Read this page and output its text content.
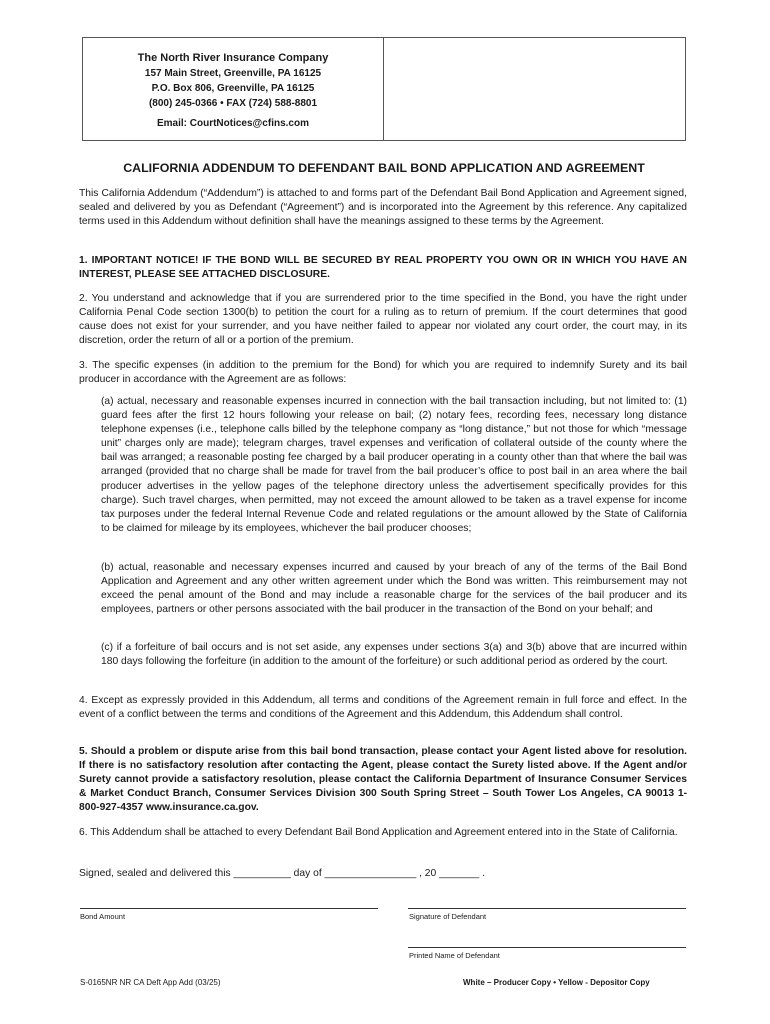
The North River Insurance Company
157 Main Street, Greenville, PA 16125
P.O. Box 806, Greenville, PA 16125
(800) 245-0366 • FAX (724) 588-8801
Email: CourtNotices@cfins.com
CALIFORNIA ADDENDUM TO DEFENDANT BAIL BOND APPLICATION AND AGREEMENT

This California Addendum (“Addendum”) is attached to and forms part of the Defendant Bail Bond Application and Agreement signed, sealed and delivered by you as Defendant (“Agreement”) and is incorporated into the Agreement by this reference. Any capitalized terms used in this Addendum without definition shall have the meanings assigned to these terms by the Agreement.

1. IMPORTANT NOTICE! IF THE BOND WILL BE SECURED BY REAL PROPERTY YOU OWN OR IN WHICH YOU HAVE AN INTEREST, PLEASE SEE ATTACHED DISCLOSURE.

2. You understand and acknowledge that if you are surrendered prior to the time specified in the Bond, you have the right under California Penal Code section 1300(b) to petition the court for a ruling as to return of premium. If the court determines that good cause does not exist for your surrender, and you have neither failed to appear nor violated any court order, the court may, in its discretion, order the return of all or a portion of the premium.

3. The specific expenses (in addition to the premium for the Bond) for which you are required to indemnify Surety and its bail producer in accordance with the Agreement are as follows:

(a) actual, necessary and reasonable expenses incurred in connection with the bail transaction including, but not limited to: (1) guard fees after the first 12 hours following your release on bail; (2) notary fees, recording fees, necessary long distance telephone expenses (i.e., telephone calls billed by the telephone company as “long distance,” but not those for which “message unit” charges only are made); telegram charges, travel expenses and verification of collateral outside of the county where the bail was arranged; a reasonable posting fee charged by a bail producer operating in a county other than that where the bail was arranged (provided that no charge shall be made for travel from the bail producer’s office to post bail in an area where the bail producer advertises in the yellow pages of the telephone directory unless the advertisement specifically provides for this charge). Such travel charges, when permitted, may not exceed the amount allowed to be taken as a travel expense for income tax purposes under the federal Internal Revenue Code and related regulations or the amount allowed by the State of California to be claimed for mileage by its employees, whichever the bail producer chooses;

(b) actual, reasonable and necessary expenses incurred and caused by your breach of any of the terms of the Bail Bond Application and Agreement and any other written agreement under which the Bond was written. This reimbursement may not exceed the penal amount of the Bond and may include a reasonable charge for the services of the bail producer and its employees, partners or other persons associated with the bail producer in the transaction of the Bond on your behalf; and

(c) if a forfeiture of bail occurs and is not set aside, any expenses under sections 3(a) and 3(b) above that are incurred within 180 days following the forfeiture (in addition to the amount of the forfeiture) or such additional period as ordered by the court.

4. Except as expressly provided in this Addendum, all terms and conditions of the Agreement remain in full force and effect. In the event of a conflict between the terms and conditions of the Agreement and this Addendum, this Addendum shall control.

5. Should a problem or dispute arise from this bail bond transaction, please contact your Agent listed above for resolution. If there is no satisfactory resolution after contacting the Agent, please contact the Surety listed above. If the Agent and/or Surety cannot provide a satisfactory resolution, please contact the California Department of Insurance Consumer Services & Market Conduct Branch, Consumer Services Division 300 South Spring Street – South Tower Los Angeles, CA 90013 1-800-927-4357 www.insurance.ca.gov.

6. This Addendum shall be attached to every Defendant Bail Bond Application and Agreement entered into in the State of California.

Signed, sealed and delivered this __________ day of ________________ , 20 _______ .

Bond Amount	Signature of Defendant
Printed Name of Defendant
S-0165NR NR CA Deft App Add (03/25)	White – Producer Copy • Yellow - Depositor Copy
